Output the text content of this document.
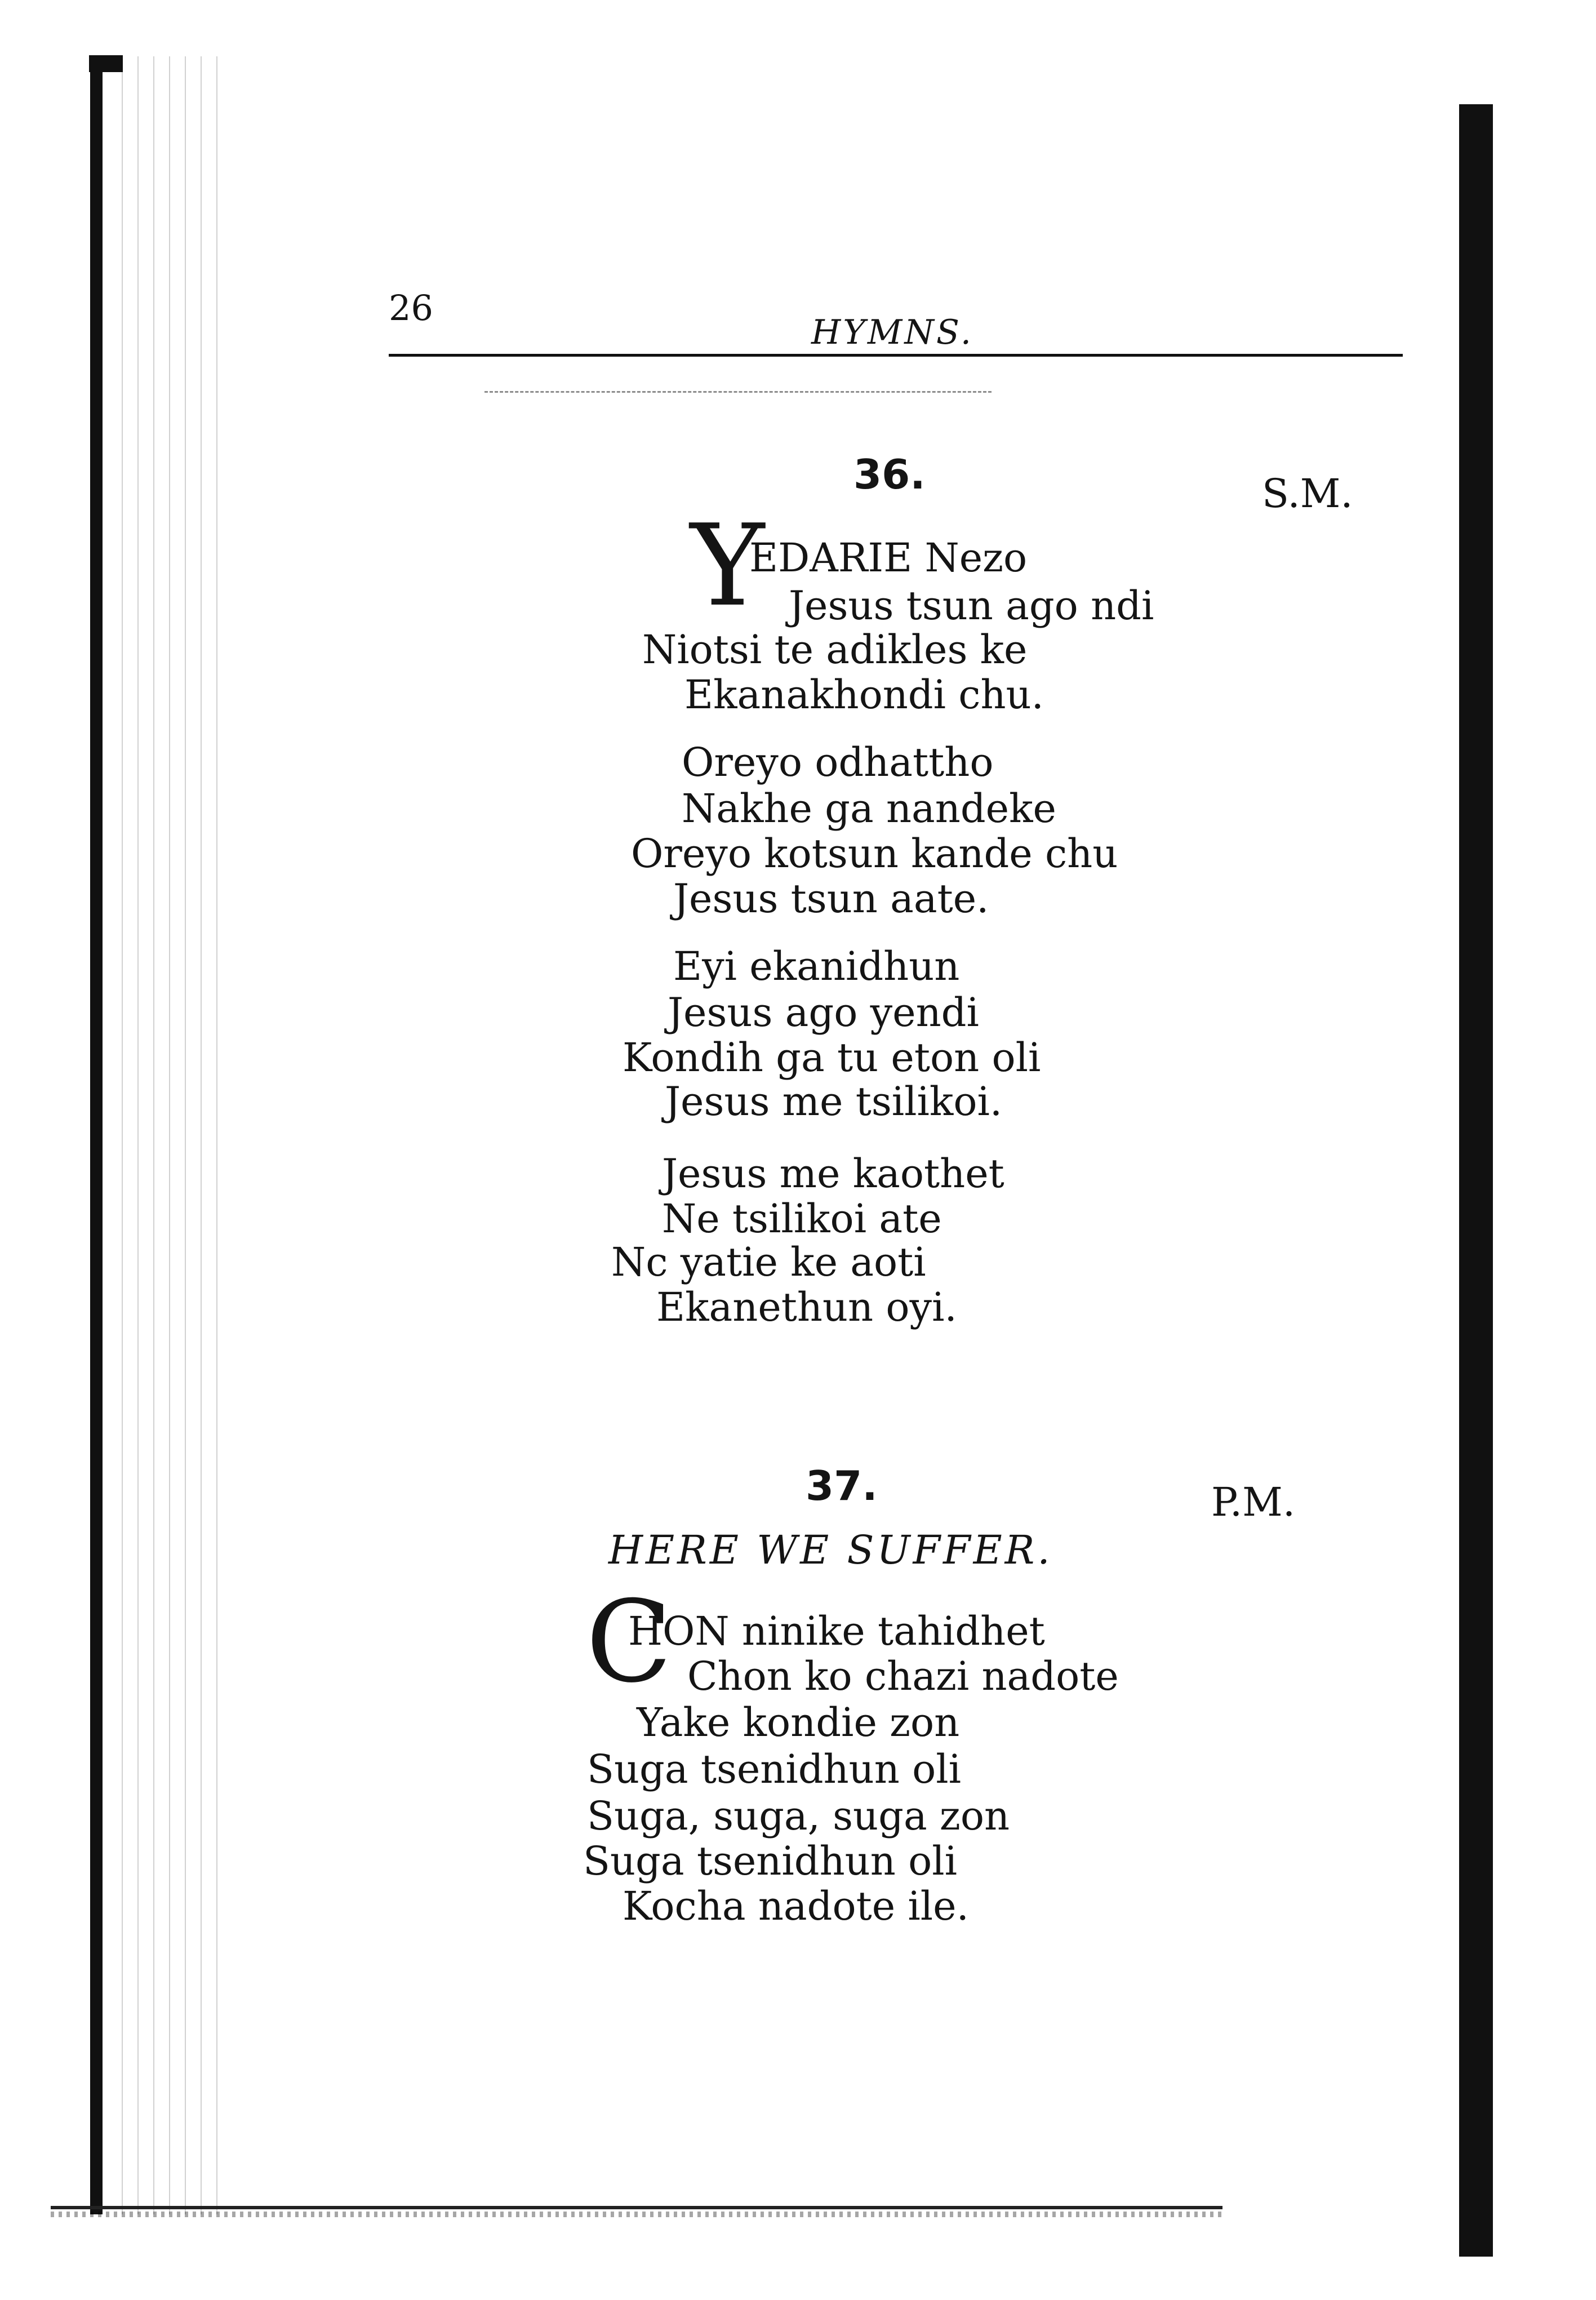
26
HYMNS.
36.	S.M.
Y
EDARIE Nezo
Jesus tsun ago ndi
Niotsi te adikles ke
Ekanakhondi chu.
Oreyo odhattho
Nakhe ga nandeke
Oreyo kotsun kande chu
Jesus tsun aate.
Eyi ekanidhun
Jesus ago yendi
Kondih ga tu eton oli
Jesus me tsilikoi.
Jesus me kaothet
Ne tsilikoi ate
Nc yatie ke aoti
Ekanethun oyi.
37.	P.M.
HERE WE SUFFER.
C
HON ninike tahidhet
Chon ko chazi nadote
Yake kondie zon
Suga tsenidhun oli
Suga, suga, suga zon
Suga tsenidhun oli
Kocha nadote ile.
